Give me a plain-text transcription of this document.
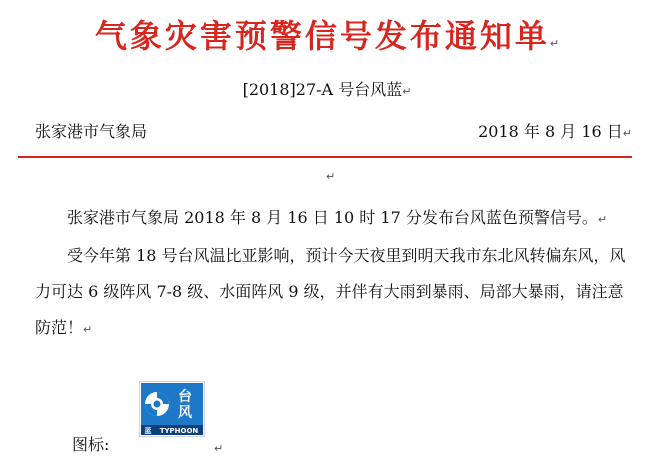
气象灾害预警信号发布通知单↵
[2018]27-A 号台风蓝↵
张家港市气象局	2018 年 8 月 16 日↵
↵

张家港市气象局 2018 年 8 月 16 日 10 时 17 分发布台风蓝色预警信号。↵

受今年第 18 号台风温比亚影响，预计今天夜里到明天我市东北风转偏东风，风力可达 6 级阵风 7-8 级、水面阵风 9 级，并伴有大雨到暴雨、局部大暴雨，请注意防范！↵

台风
蓝 TYPHOON
图标:	↵
